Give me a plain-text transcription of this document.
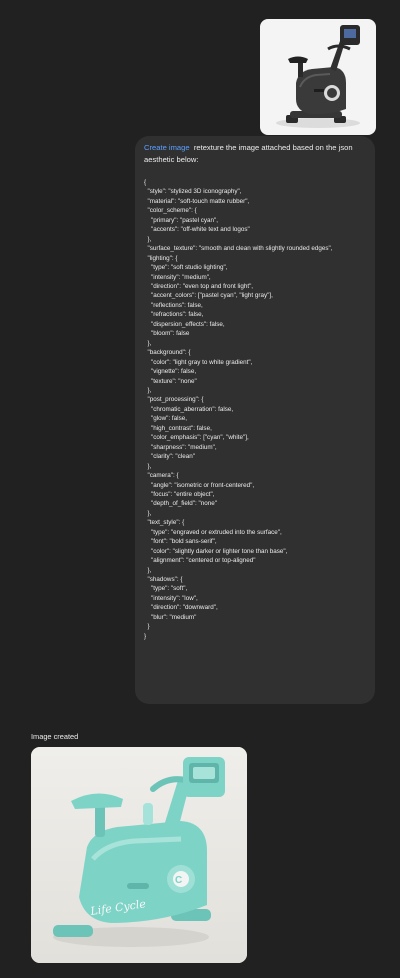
Create image retexture the image attached based on the json aesthetic below:
{
"style": "stylized 3D iconography",
"material": "soft-touch matte rubber",
"color_scheme": {
"primary": "pastel cyan",
"accents": "off-white text and logos"
},
"surface_texture": "smooth and clean with slightly rounded edges",
"lighting": {
"type": "soft studio lighting",
"intensity": "medium",
"direction": "even top and front light",
"accent_colors": ["pastel cyan", "light gray"],
"reflections": false,
"refractions": false,
"dispersion_effects": false,
"bloom": false
},
"background": {
"color": "light gray to white gradient",
"vignette": false,
"texture": "none"
},
"post_processing": {
"chromatic_aberration": false,
"glow": false,
"high_contrast": false,
"color_emphasis": ["cyan", "white"],
"sharpness": "medium",
"clarity": "clean"
},
"camera": {
"angle": "isometric or front-centered",
"focus": "entire object",
"depth_of_field": "none"
},
"text_style": {
"type": "engraved or extruded into the surface",
"font": "bold sans-serif",
"color": "slightly darker or lighter tone than base",
"alignment": "centered or top-aligned"
},
"shadows": {
"type": "soft",
"intensity": "low",
"direction": "downward",
"blur": "medium"
}
}
Image created
C
Life Cycle
